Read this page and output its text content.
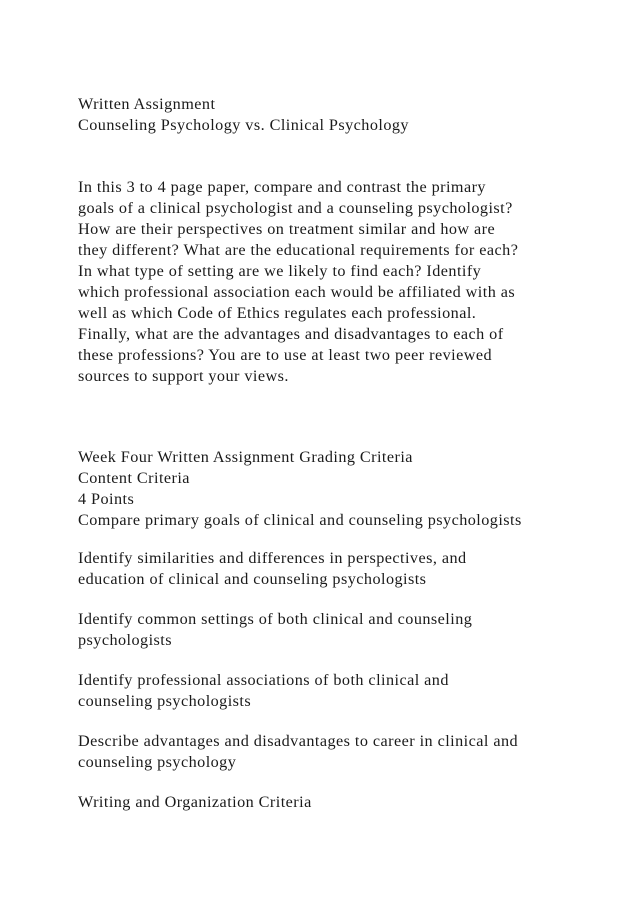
Written Assignment
Counseling Psychology vs. Clinical Psychology
In this 3 to 4 page paper, compare and contrast the primary
goals of a clinical psychologist and a counseling psychologist?
How are their perspectives on treatment similar and how are
they different? What are the educational requirements for each?
In what type of setting are we likely to find each? Identify
which professional association each would be affiliated with as
well as which Code of Ethics regulates each professional.
Finally, what are the advantages and disadvantages to each of
these professions? You are to use at least two peer reviewed
sources to support your views.
Week Four Written Assignment Grading Criteria
Content Criteria
4 Points
Compare primary goals of clinical and counseling psychologists
Identify similarities and differences in perspectives, and
education of clinical and counseling psychologists
Identify common settings of both clinical and counseling
psychologists
Identify professional associations of both clinical and
counseling psychologists
Describe advantages and disadvantages to career in clinical and
counseling psychology
Writing and Organization Criteria
